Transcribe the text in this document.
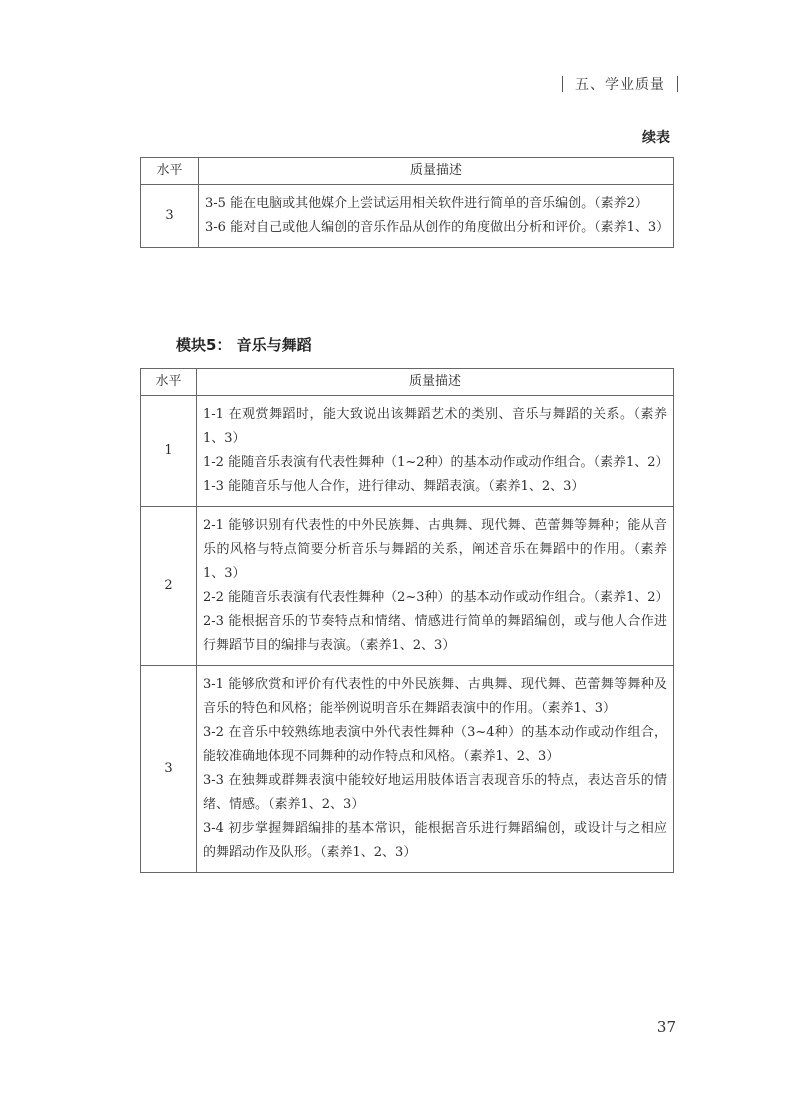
五、学业质量
续表
水平	质量描述
3	3-5 能在电脑或其他媒介上尝试运用相关软件进行简单的音乐编创。（素养2）

3-6 能对自己或他人编创的音乐作品从创作的角度做出分析和评价。（素养1、3）

模块5： 音乐与舞蹈
水平	质量描述
1	1-1 在观赏舞蹈时，能大致说出该舞蹈艺术的类别、音乐与舞蹈的关系。（素养1、3）

1-2 能随音乐表演有代表性舞种（1~2种）的基本动作或动作组合。（素养1、2）

1-3 能随音乐与他人合作，进行律动、舞蹈表演。（素养1、2、3）

2	2-1 能够识别有代表性的中外民族舞、古典舞、现代舞、芭蕾舞等舞种；能从音乐的风格与特点简要分析音乐与舞蹈的关系，阐述音乐在舞蹈中的作用。（素养1、3）

2-2 能随音乐表演有代表性舞种（2~3种）的基本动作或动作组合。（素养1、2）

2-3 能根据音乐的节奏特点和情绪、情感进行简单的舞蹈编创，或与他人合作进行舞蹈节目的编排与表演。（素养1、2、3）

3	3-1 能够欣赏和评价有代表性的中外民族舞、古典舞、现代舞、芭蕾舞等舞种及音乐的特色和风格；能举例说明音乐在舞蹈表演中的作用。（素养1、3）

3-2 在音乐中较熟练地表演中外代表性舞种（3~4种）的基本动作或动作组合，能较准确地体现不同舞种的动作特点和风格。（素养1、2、3）

3-3 在独舞或群舞表演中能较好地运用肢体语言表现音乐的特点，表达音乐的情绪、情感。（素养1、2、3）

3-4 初步掌握舞蹈编排的基本常识，能根据音乐进行舞蹈编创，或设计与之相应的舞蹈动作及队形。（素养1、2、3）

37
